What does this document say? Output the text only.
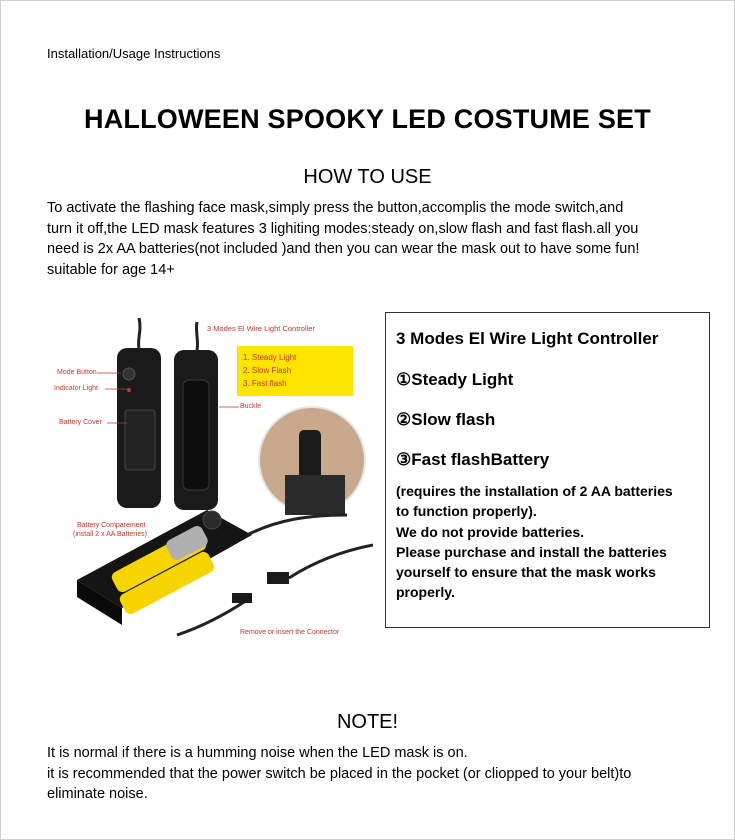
Installation/Usage Instructions
HALLOWEEN SPOOKY LED COSTUME SET
HOW TO USE

To activate the flashing face mask,simply press the button,accomplis the mode switch,and

turn it off,the LED mask features 3 lighiting modes:steady on,slow flash and fast flash.all you

need is 2x AA batteries(not included )and then you can wear the mask out to have some fun!

suitable for age 14+

3 Modes El Wire Light Controller
1. Steady Light
2. Slow Flash
3. Fast flash
Mode Button
Indicator Light
Battery Cover
Buckle
Battery Comparement
(install 2 x AA Batteries)
Remove or insert the Connector
3 Modes El Wire Light Controller
①Steady Light
②Slow flash
③Fast flashBattery
(requires the installation of 2 AA batteries
to function properly).
We do not provide batteries.
Please purchase and install the batteries
yourself to ensure that the mask works
properly.
NOTE!

It is normal if there is a humming noise when the LED mask is on.

it is recommended that the power switch be placed in the pocket (or cliopped to your belt)to

eliminate noise.
